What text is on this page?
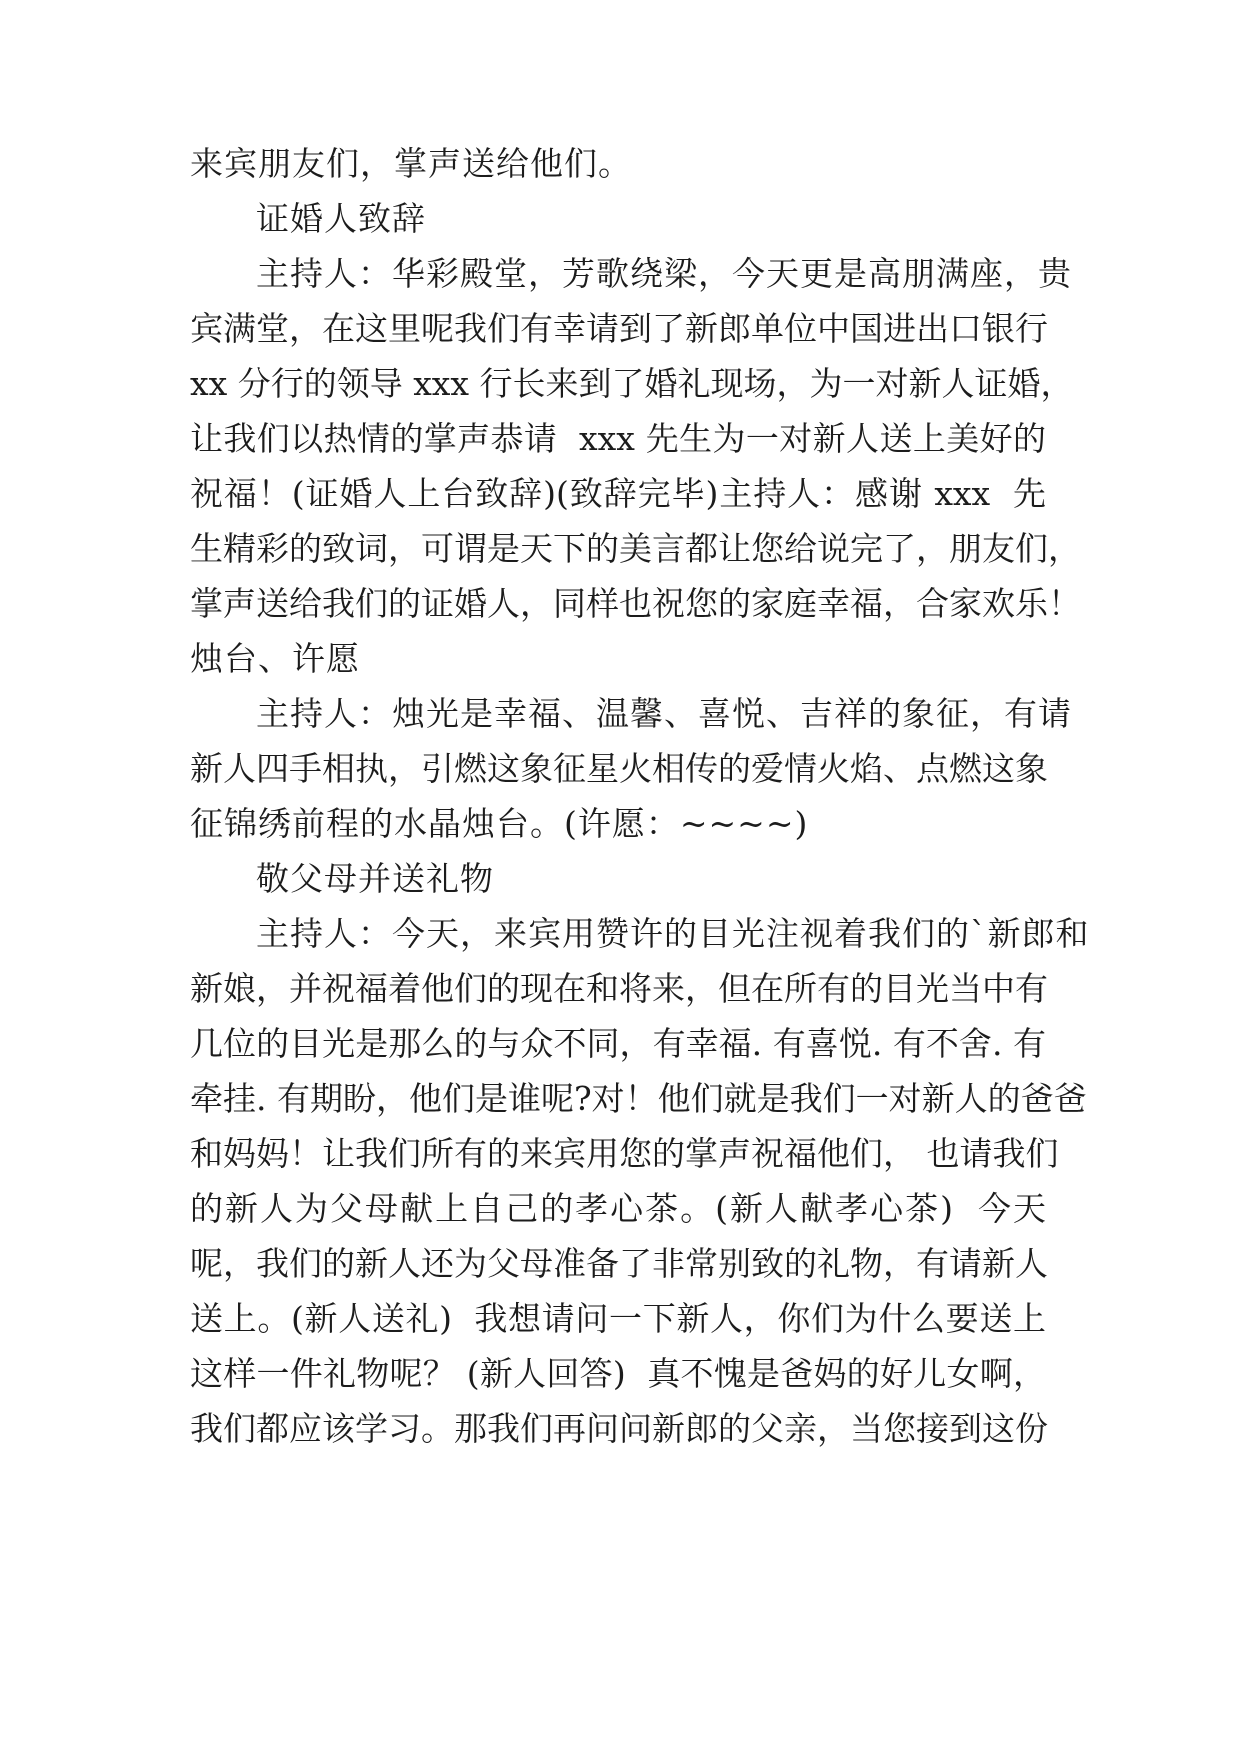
来宾朋友们，掌声送给他们。
证婚人致辞
主持人：华彩殿堂，芳歌绕梁，今天更是高朋满座，贵
宾满堂，在这里呢我们有幸请到了新郎单位中国进出口银行
xx 分行的领导 xxx 行长来到了婚礼现场，为一对新人证婚，
让我们以热情的掌声恭请  xxx 先生为一对新人送上美好的
祝福！(证婚人上台致辞)(致辞完毕)主持人：感谢 xxx  先
生精彩的致词，可谓是天下的美言都让您给说完了，朋友们，
掌声送给我们的证婚人，同样也祝您的家庭幸福，合家欢乐！
烛台、许愿
主持人：烛光是幸福、温馨、喜悦、吉祥的象征，有请
新人四手相执，引燃这象征星火相传的爱情火焰、点燃这象
征锦绣前程的水晶烛台。(许愿：~~~~)
敬父母并送礼物
主持人：今天，来宾用赞许的目光注视着我们的`新郎和
新娘，并祝福着他们的现在和将来，但在所有的目光当中有
几位的目光是那么的与众不同，有幸福. 有喜悦. 有不舍. 有
牵挂. 有期盼，他们是谁呢?对！他们就是我们一对新人的爸爸
和妈妈！让我们所有的来宾用您的掌声祝福他们， 也请我们
的新人为父母献上自己的孝心茶。(新人献孝心茶)  今天
呢，我们的新人还为父母准备了非常别致的礼物，有请新人
送上。(新人送礼)  我想请问一下新人，你们为什么要送上
这样一件礼物呢？ (新人回答)  真不愧是爸妈的好儿女啊，
我们都应该学习。那我们再问问新郎的父亲，当您接到这份
